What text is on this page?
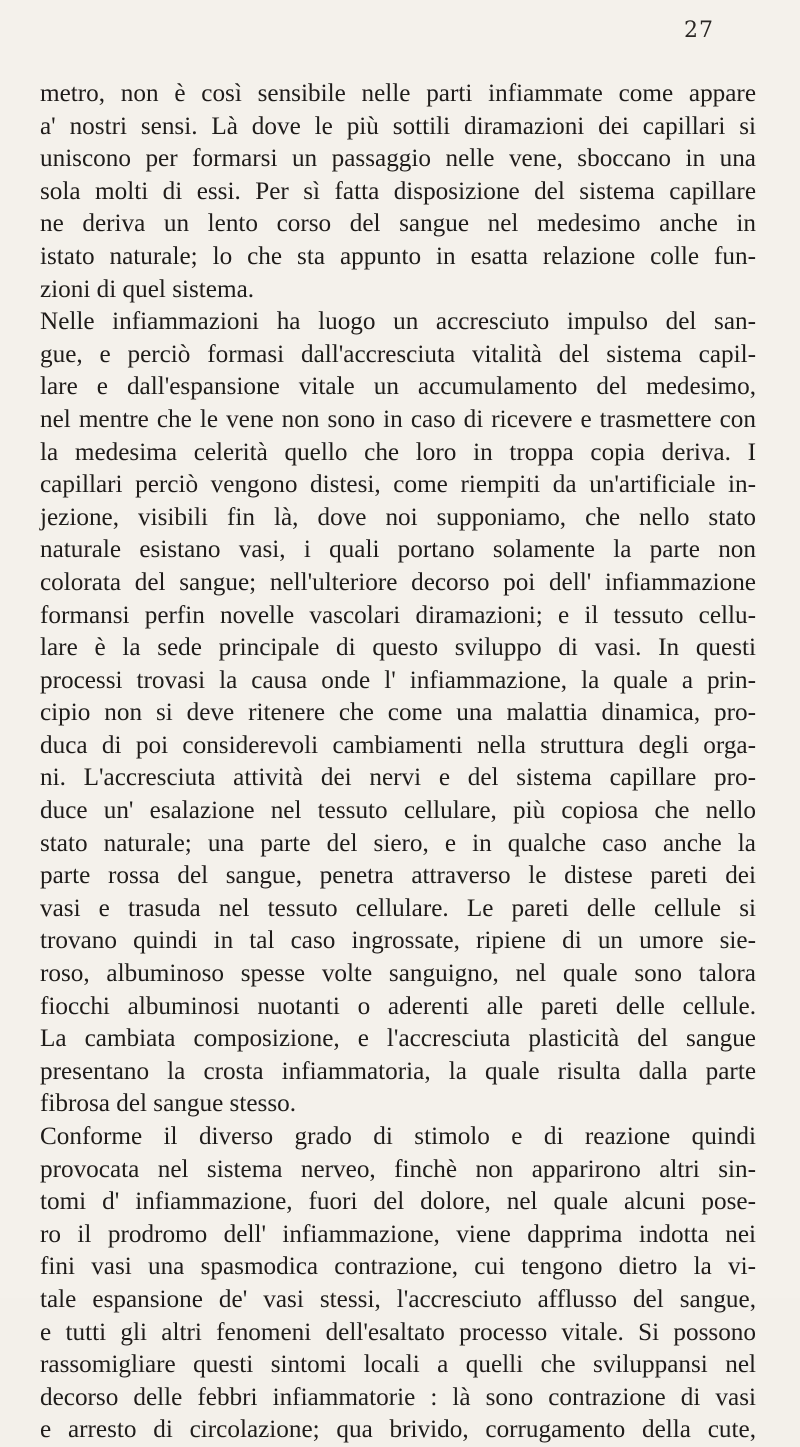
27
metro, non è così sensibile nelle parti infiammate come appare
a' nostri sensi. Là dove le più sottili diramazioni dei capillari si
uniscono per formarsi un passaggio nelle vene, sboccano in una
sola molti di essi. Per sì fatta disposizione del sistema capillare
ne deriva un lento corso del sangue nel medesimo anche in
istato naturale; lo che sta appunto in esatta relazione colle fun-
zioni di quel sistema.
Nelle infiammazioni ha luogo un accresciuto impulso del san-
gue, e perciò formasi dall'accresciuta vitalità del sistema capil-
lare e dall'espansione vitale un accumulamento del medesimo,
nel mentre che le vene non sono in caso di ricevere e trasmettere con
la medesima celerità quello che loro in troppa copia deriva. I
capillari perciò vengono distesi, come riempiti da un'artificiale in-
jezione, visibili fin là, dove noi supponiamo, che nello stato
naturale esistano vasi, i quali portano solamente la parte non
colorata del sangue; nell'ulteriore decorso poi dell' infiammazione
formansi perfin novelle vascolari diramazioni; e il tessuto cellu-
lare è la sede principale di questo sviluppo di vasi. In questi
processi trovasi la causa onde l' infiammazione, la quale a prin-
cipio non si deve ritenere che come una malattia dinamica, pro-
duca di poi considerevoli cambiamenti nella struttura degli orga-
ni. L'accresciuta attività dei nervi e del sistema capillare pro-
duce un' esalazione nel tessuto cellulare, più copiosa che nello
stato naturale; una parte del siero, e in qualche caso anche la
parte rossa del sangue, penetra attraverso le distese pareti dei
vasi e trasuda nel tessuto cellulare. Le pareti delle cellule si
trovano quindi in tal caso ingrossate, ripiene di un umore sie-
roso, albuminoso spesse volte sanguigno, nel quale sono talora
fiocchi albuminosi nuotanti o aderenti alle pareti delle cellule.
La cambiata composizione, e l'accresciuta plasticità del sangue
presentano la crosta infiammatoria, la quale risulta dalla parte
fibrosa del sangue stesso.
Conforme il diverso grado di stimolo e di reazione quindi
provocata nel sistema nerveo, finchè non apparirono altri sin-
tomi d' infiammazione, fuori del dolore, nel quale alcuni pose-
ro il prodromo dell' infiammazione, viene dapprima indotta nei
fini vasi una spasmodica contrazione, cui tengono dietro la vi-
tale espansione de' vasi stessi, l'accresciuto afflusso del sangue,
e tutti gli altri fenomeni dell'esaltato processo vitale. Si possono
rassomigliare questi sintomi locali a quelli che sviluppansi nel
decorso delle febbri infiammatorie : là sono contrazione di vasi
e arresto di circolazione; qua brivido, corrugamento della cute,
